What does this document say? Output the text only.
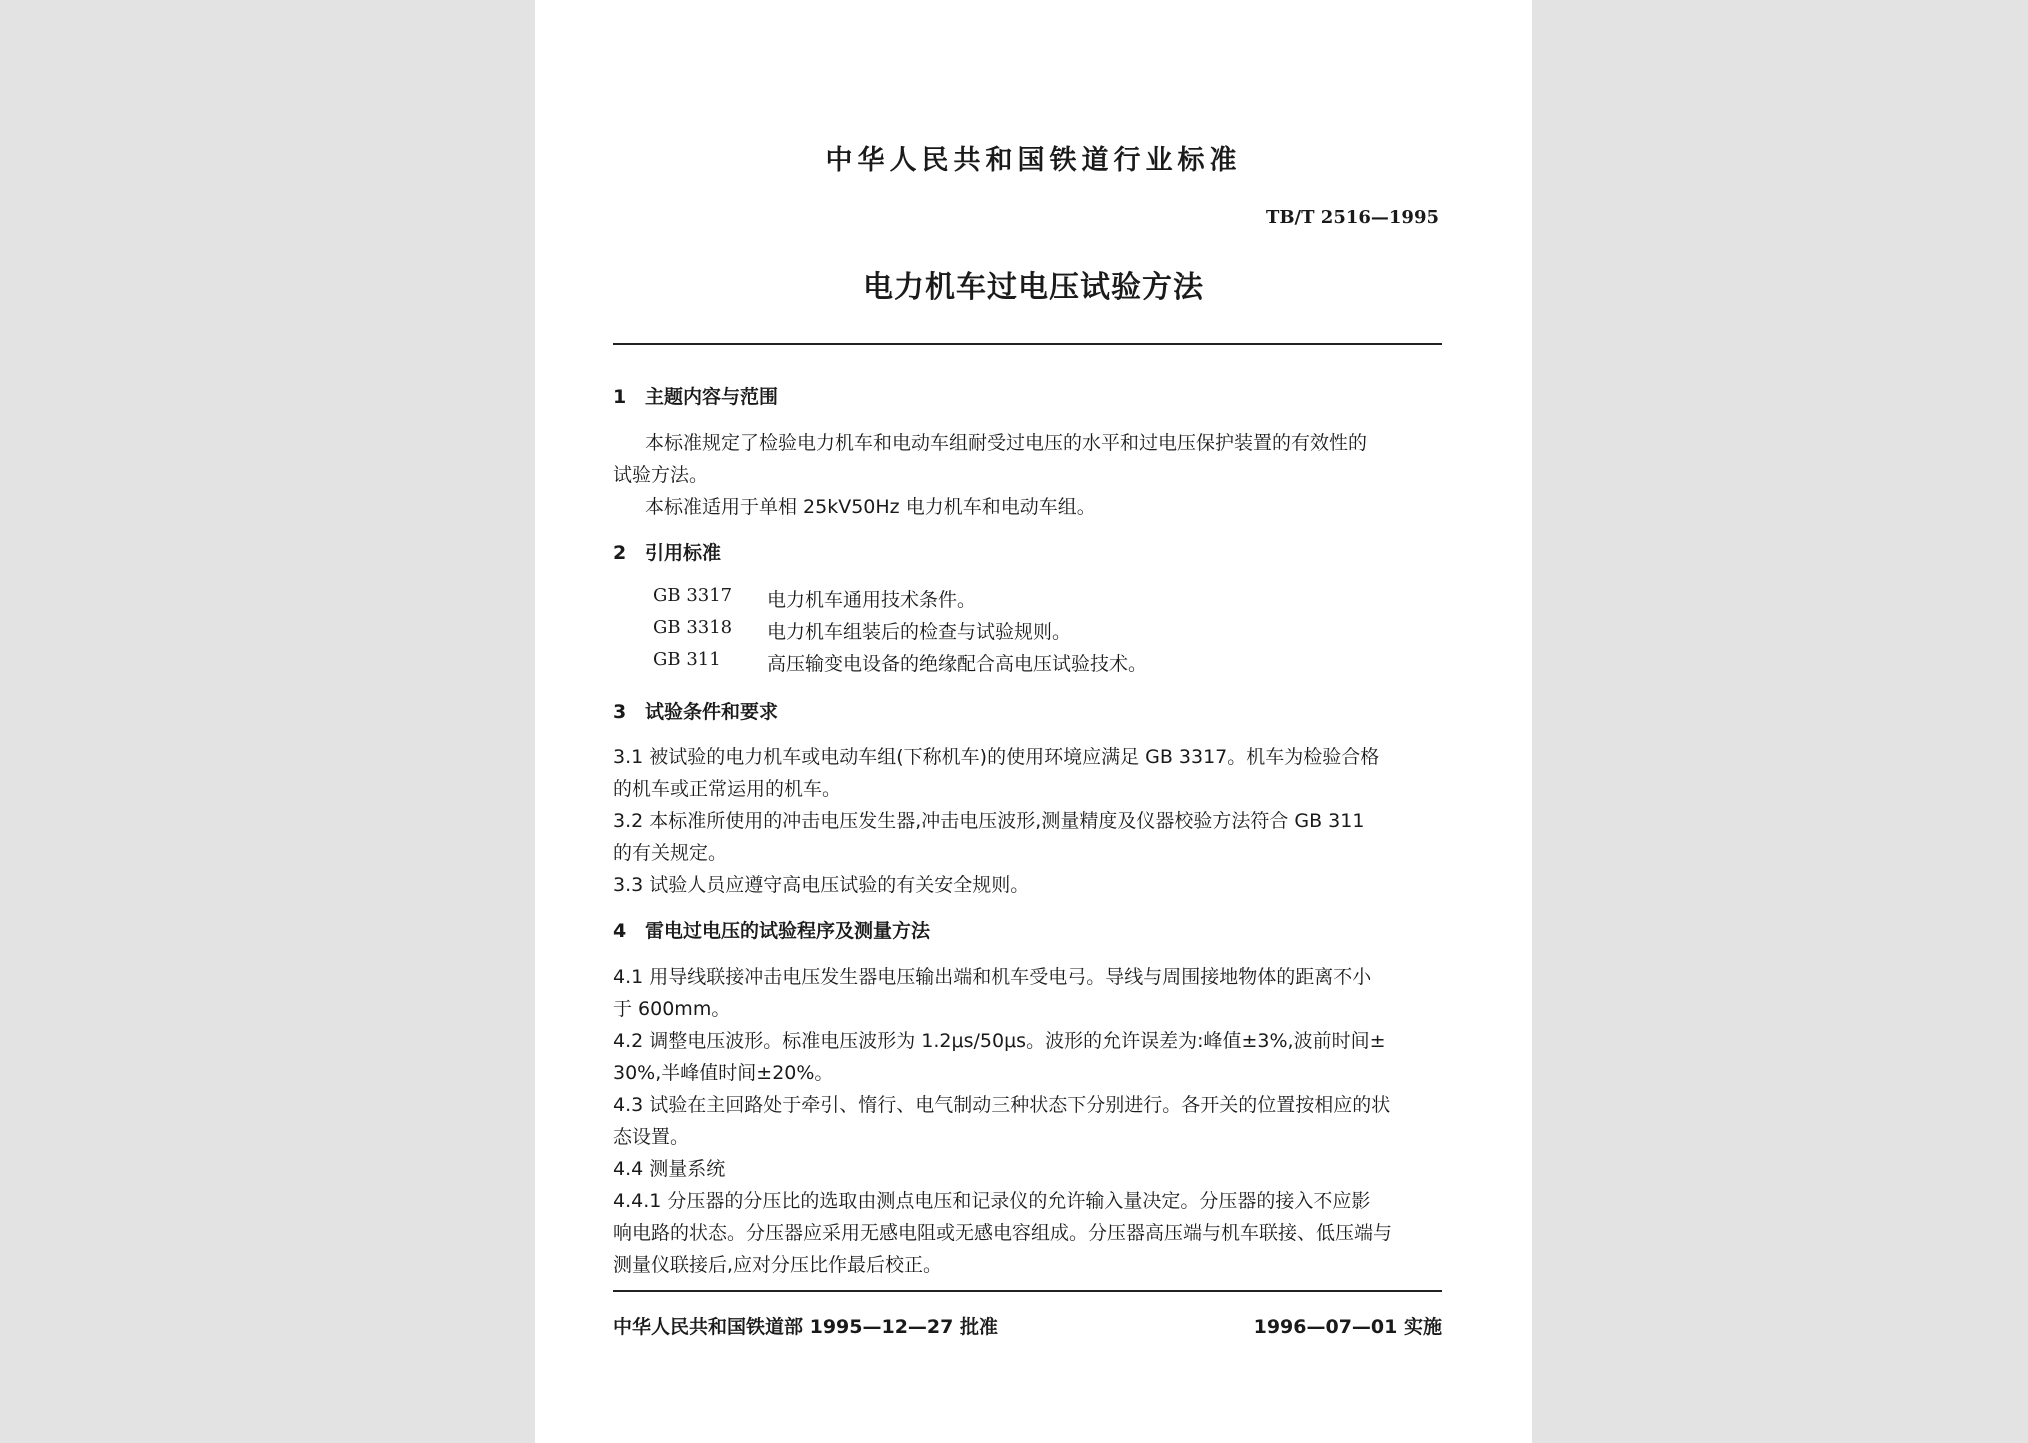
中华人民共和国铁道行业标准
TB/T 2516—1995
电力机车过电压试验方法
1 主题内容与范围
本标准规定了检验电力机车和电动车组耐受过电压的水平和过电压保护装置的有效性的
试验方法。
本标准适用于单相 25kV50Hz 电力机车和电动车组。
2 引用标准
GB 3317 电力机车通用技术条件。
GB 3318 电力机车组装后的检查与试验规则。
GB 311 高压输变电设备的绝缘配合高电压试验技术。
3 试验条件和要求
3.1 被试验的电力机车或电动车组(下称机车)的使用环境应满足 GB 3317。机车为检验合格
的机车或正常运用的机车。
3.2 本标准所使用的冲击电压发生器,冲击电压波形,测量精度及仪器校验方法符合 GB 311
的有关规定。
3.3 试验人员应遵守高电压试验的有关安全规则。
4 雷电过电压的试验程序及测量方法
4.1 用导线联接冲击电压发生器电压输出端和机车受电弓。导线与周围接地物体的距离不小
于 600mm。
4.2 调整电压波形。标准电压波形为 1.2μs/50μs。波形的允许误差为:峰值±3%,波前时间±
30%,半峰值时间±20%。
4.3 试验在主回路处于牵引、惰行、电气制动三种状态下分别进行。各开关的位置按相应的状
态设置。
4.4 测量系统
4.4.1 分压器的分压比的选取由测点电压和记录仪的允许输入量决定。分压器的接入不应影
响电路的状态。分压器应采用无感电阻或无感电容组成。分压器高压端与机车联接、低压端与
测量仪联接后,应对分压比作最后校正。
中华人民共和国铁道部 1995—12—27 批准	1996—07—01 实施
